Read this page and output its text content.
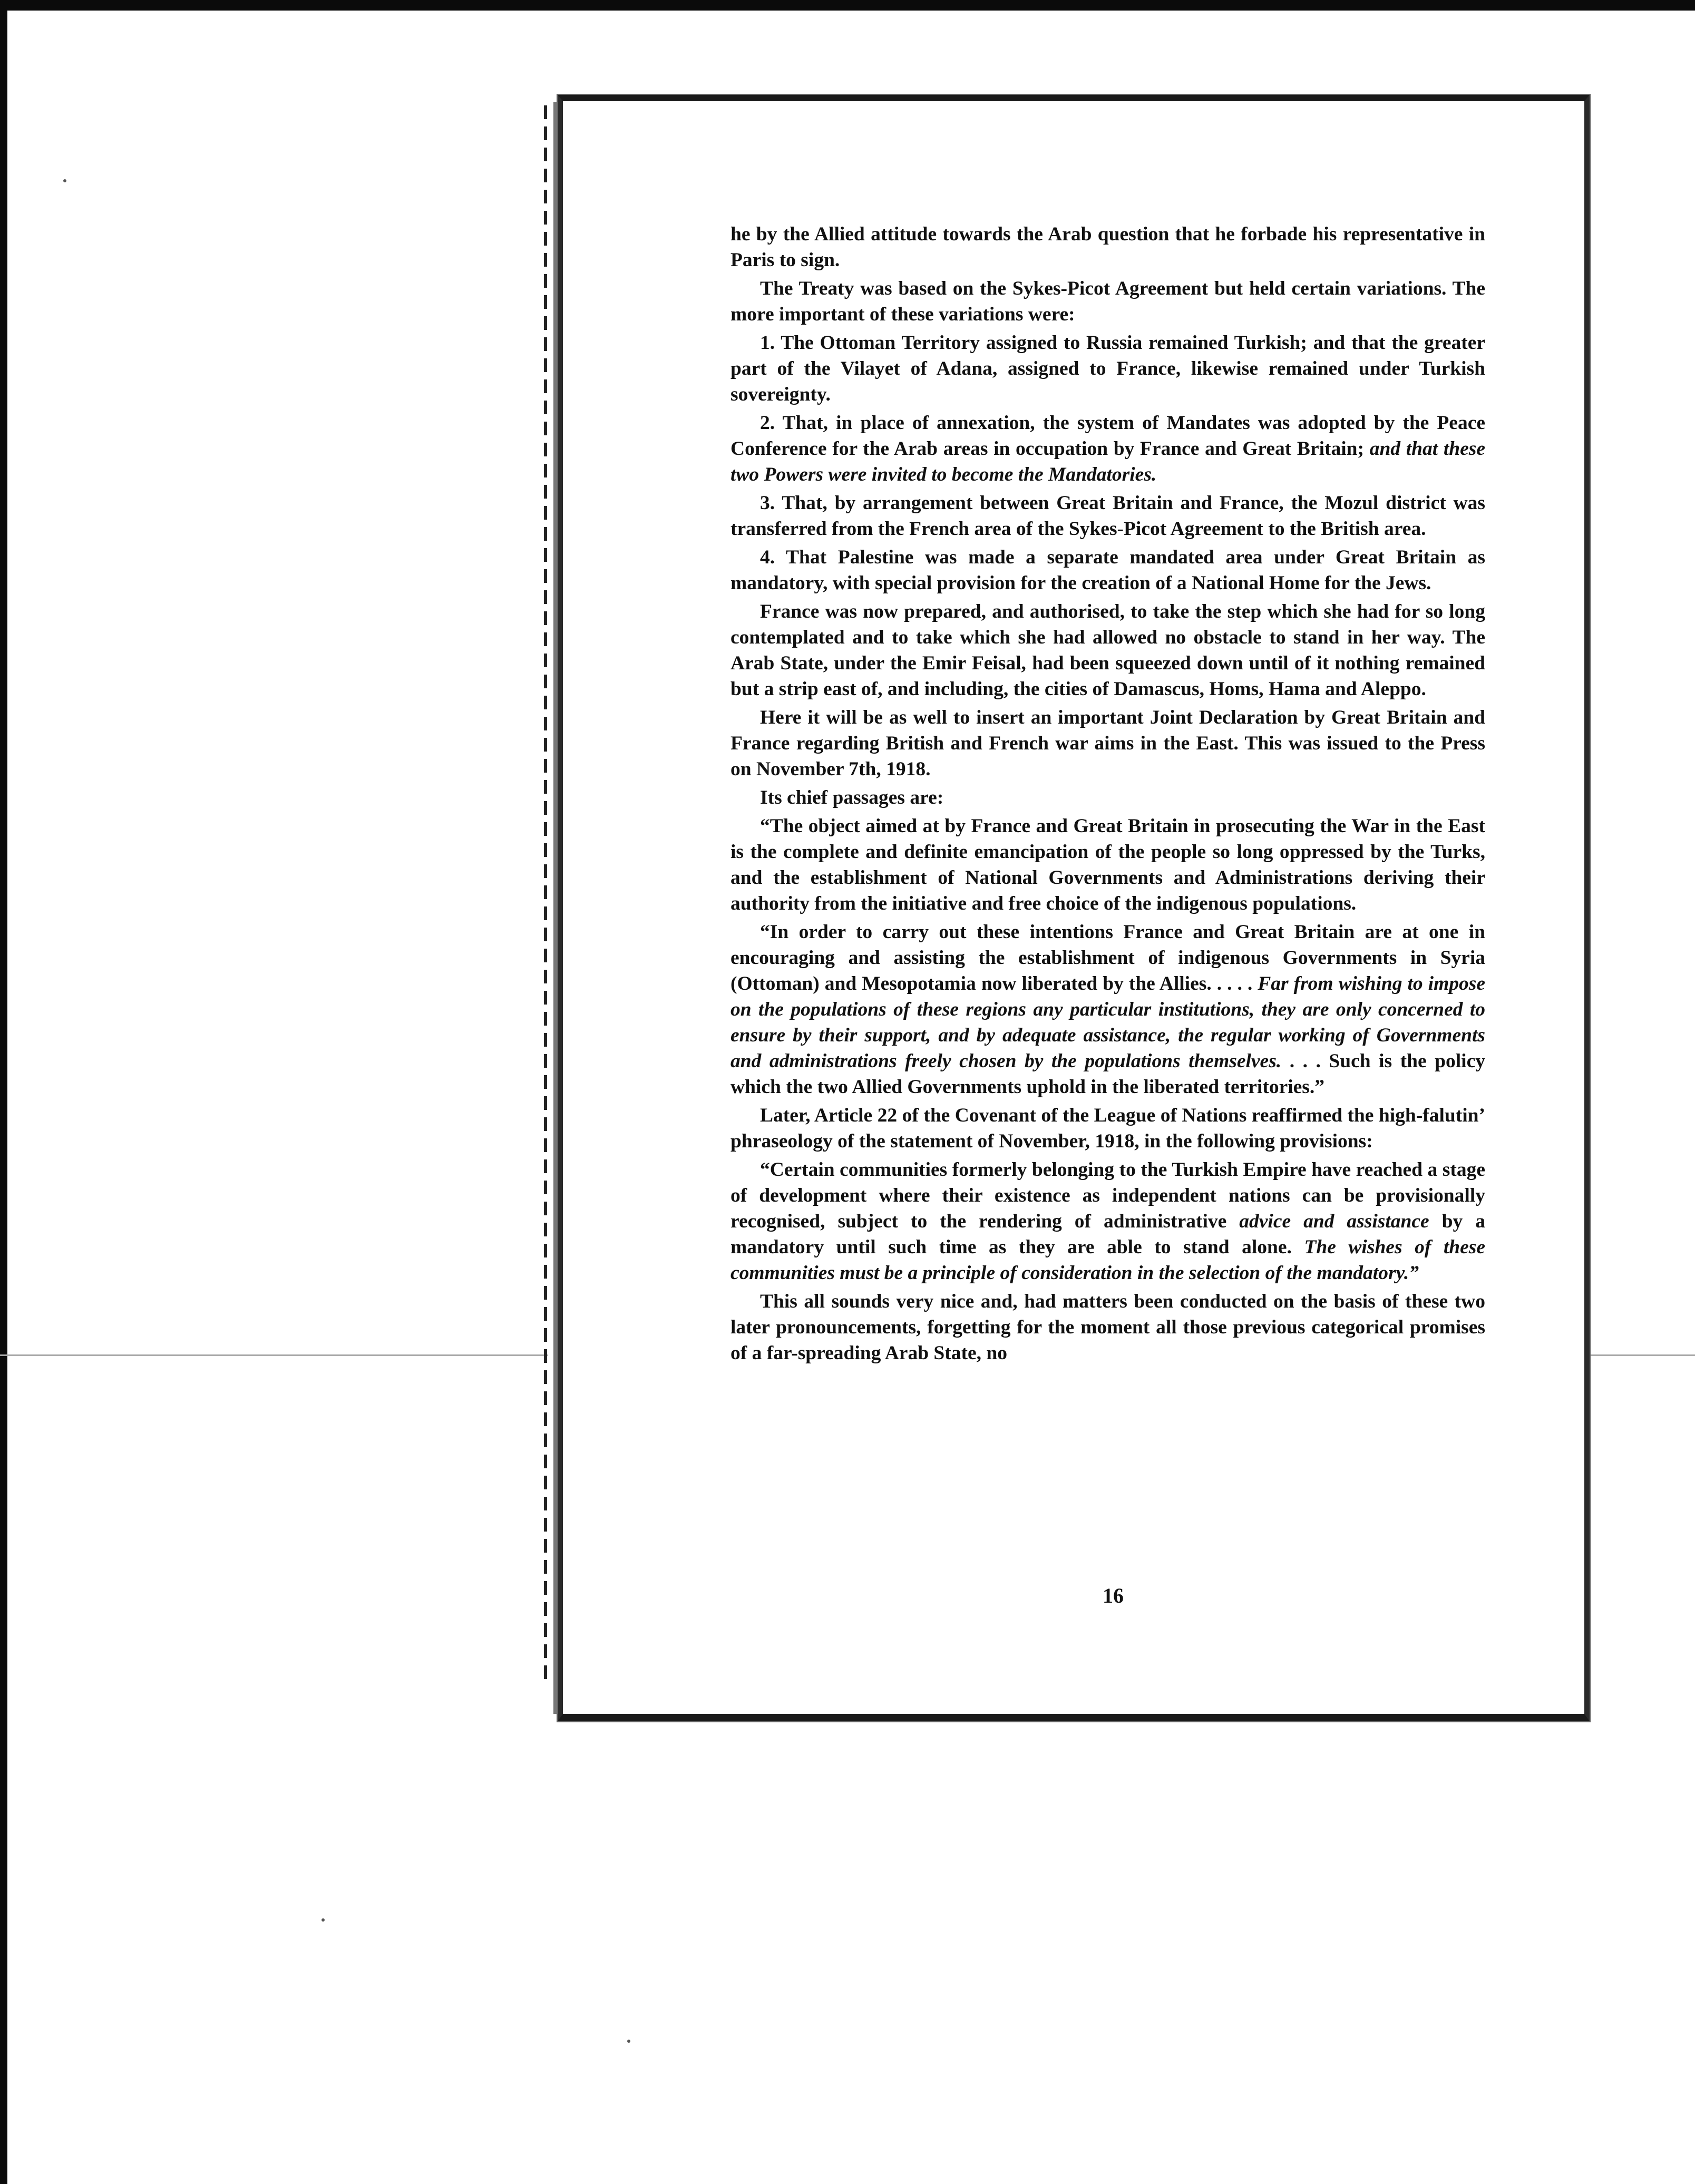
he by the Allied attitude towards the Arab question that he forbade his representative in Paris to sign.

The Treaty was based on the Sykes-Picot Agreement but held certain variations. The more important of these variations were:

1. The Ottoman Territory assigned to Russia remained Turkish; and that the greater part of the Vilayet of Adana, assigned to France, likewise remained under Turkish sovereignty.

2. That, in place of annexation, the system of Mandates was adopted by the Peace Conference for the Arab areas in occupation by France and Great Britain; and that these two Powers were invited to become the Mandatories.

3. That, by arrangement between Great Britain and France, the Mozul district was transferred from the French area of the Sykes-Picot Agreement to the British area.

4. That Palestine was made a separate mandated area under Great Britain as mandatory, with special provision for the creation of a National Home for the Jews.

France was now prepared, and authorised, to take the step which she had for so long contemplated and to take which she had allowed no obstacle to stand in her way. The Arab State, under the Emir Feisal, had been squeezed down until of it nothing remained but a strip east of, and including, the cities of Damascus, Homs, Hama and Aleppo.

Here it will be as well to insert an important Joint Declaration by Great Britain and France regarding British and French war aims in the East. This was issued to the Press on November 7th, 1918.

Its chief passages are:

“The object aimed at by France and Great Britain in prosecuting the War in the East is the complete and definite emancipation of the people so long oppressed by the Turks, and the establishment of National Governments and Administrations deriving their authority from the initiative and free choice of the indigenous populations.

“In order to carry out these intentions France and Great Britain are at one in encouraging and assisting the establishment of indigenous Governments in Syria (Ottoman) and Mesopotamia now liberated by the Allies. . . . . Far from wishing to impose on the populations of these regions any particular institutions, they are only concerned to ensure by their support, and by adequate assistance, the regular working of Governments and administrations freely chosen by the populations themselves. . . . Such is the policy which the two Allied Governments uphold in the liberated territories.”

Later, Article 22 of the Covenant of the League of Nations reaffirmed the high-falutin’ phraseology of the statement of November, 1918, in the following provisions:

“Certain communities formerly belonging to the Turkish Empire have reached a stage of development where their existence as independent nations can be provisionally recognised, subject to the rendering of administrative advice and assistance by a mandatory until such time as they are able to stand alone. The wishes of these communities must be a principle of consideration in the selection of the mandatory.”

This all sounds very nice and, had matters been conducted on the basis of these two later pronouncements, forgetting for the moment all those previous categorical promises of a far-spreading Arab State, no

16
